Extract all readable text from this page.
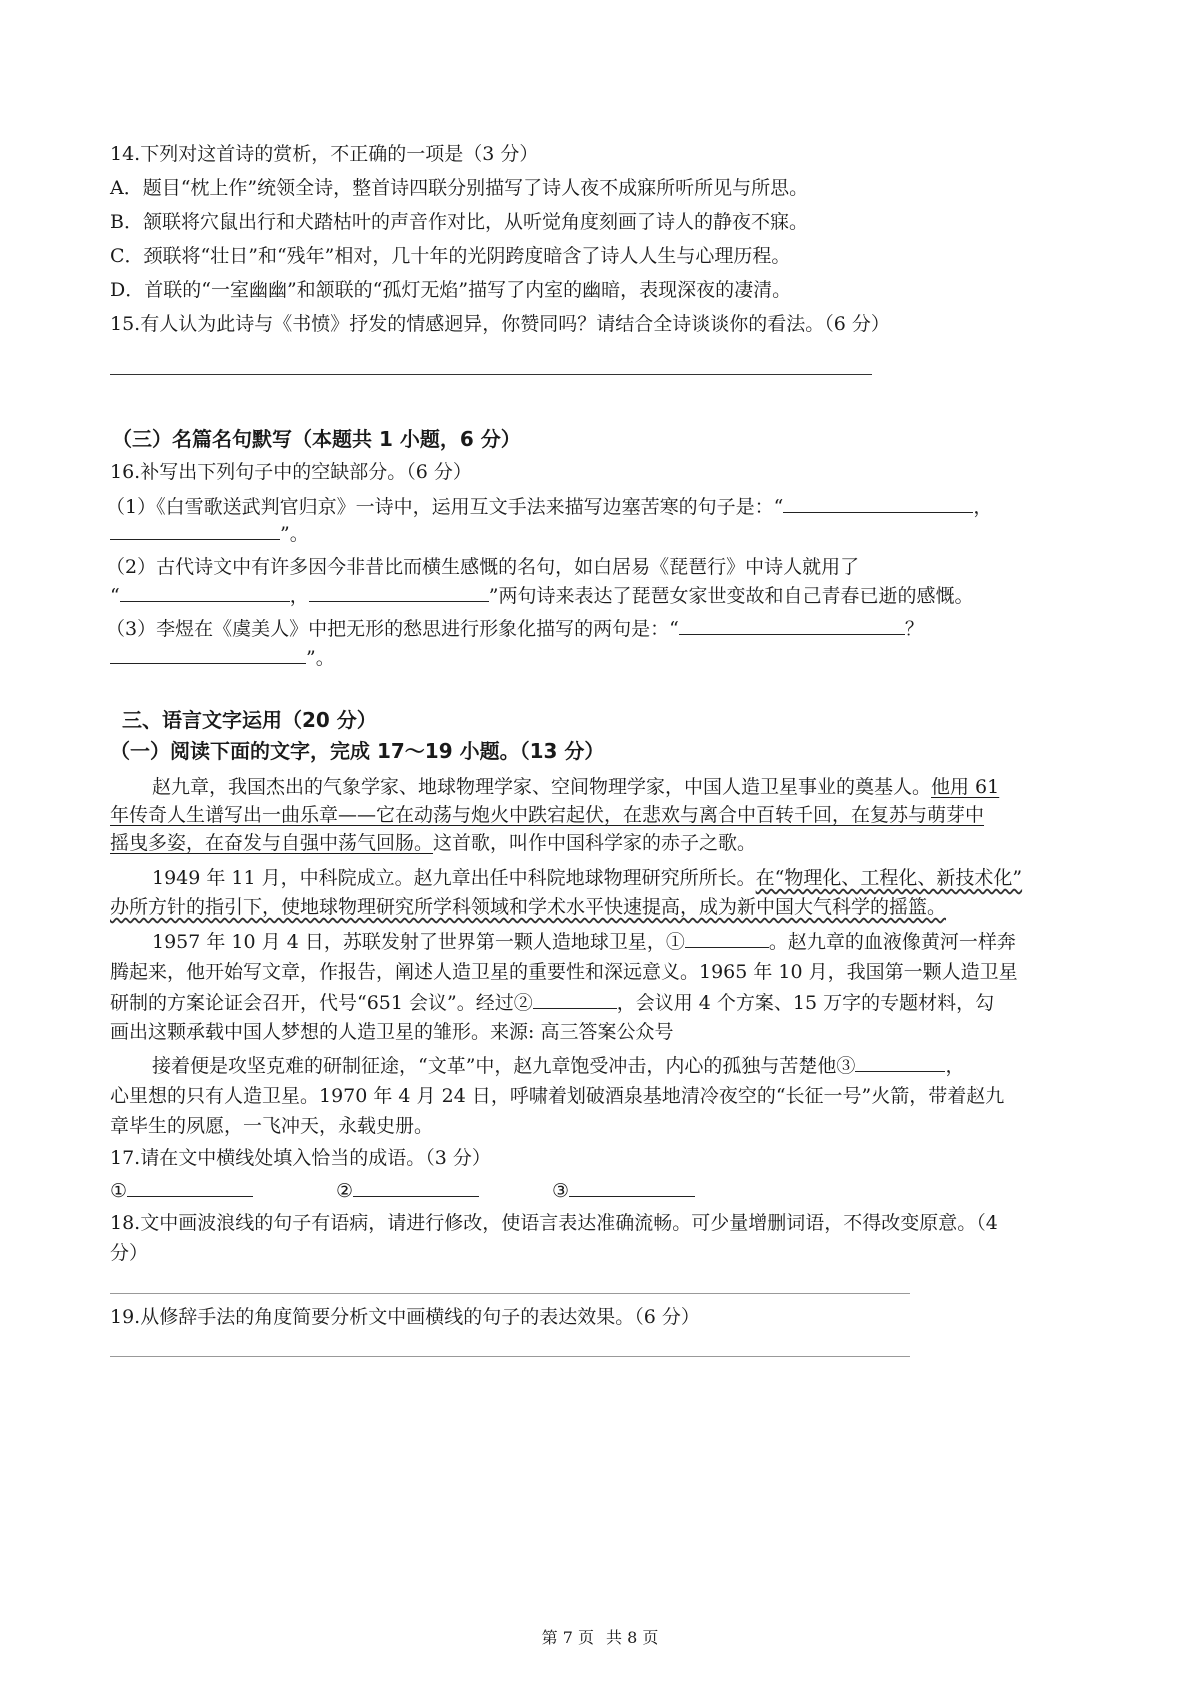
14.下列对这首诗的赏析，不正确的一项是（3 分）
A．题目“枕上作”统领全诗，整首诗四联分别描写了诗人夜不成寐所听所见与所思。
B．颔联将穴鼠出行和犬踏枯叶的声音作对比，从听觉角度刻画了诗人的静夜不寐。
C．颈联将“壮日”和“残年”相对，几十年的光阴跨度暗含了诗人人生与心理历程。
D．首联的“一室幽幽”和颔联的“孤灯无焰”描写了内室的幽暗，表现深夜的凄清。
15.有人认为此诗与《书愤》抒发的情感迥异，你赞同吗？请结合全诗谈谈你的看法。（6 分）
（三）名篇名句默写（本题共 1 小题，6 分）
16.补写出下列句子中的空缺部分。（6 分）
（1）《白雪歌送武判官归京》一诗中，运用互文手法来描写边塞苦寒的句子是：“	，
”。
（2）古代诗文中有许多因今非昔比而横生感慨的名句，如白居易《琵琶行》中诗人就用了
“	，	”两句诗来表达了琵琶女家世变故和自己青春已逝的感慨。
（3）李煜在《虞美人》中把无形的愁思进行形象化描写的两句是：“	？
”。
三、语言文字运用（20 分）
（一）阅读下面的文字，完成 17～19 小题。（13 分）
赵九章，我国杰出的气象学家、地球物理学家、空间物理学家，中国人造卫星事业的奠基人。他用 61
年传奇人生谱写出一曲乐章——它在动荡与炮火中跌宕起伏，在悲欢与离合中百转千回，在复苏与萌芽中
摇曳多姿，在奋发与自强中荡气回肠。这首歌，叫作中国科学家的赤子之歌。
1949 年 11 月，中科院成立。赵九章出任中科院地球物理研究所所长。在“物理化、工程化、新技术化”
办所方针的指引下，使地球物理研究所学科领域和学术水平快速提高，成为新中国大气科学的摇篮。
1957 年 10 月 4 日，苏联发射了世界第一颗人造地球卫星，①	。赵九章的血液像黄河一样奔
腾起来，他开始写文章，作报告，阐述人造卫星的重要性和深远意义。1965 年 10 月，我国第一颗人造卫星
研制的方案论证会召开，代号“651 会议”。经过②	，会议用 4 个方案、15 万字的专题材料，勾
画出这颗承载中国人梦想的人造卫星的雏形。来源: 高三答案公众号
接着便是攻坚克难的研制征途，“文革”中，赵九章饱受冲击，内心的孤独与苦楚他③	，
心里想的只有人造卫星。1970 年 4 月 24 日，呼啸着划破酒泉基地清冷夜空的“长征一号”火箭，带着赵九
章毕生的夙愿，一飞冲天，永载史册。
17.请在文中横线处填入恰当的成语。（3 分）
①	②	③
18.文中画波浪线的句子有语病，请进行修改，使语言表达准确流畅。可少量增删词语，不得改变原意。（4
分）
19.从修辞手法的角度简要分析文中画横线的句子的表达效果。（6 分）
第 7 页 共 8 页
